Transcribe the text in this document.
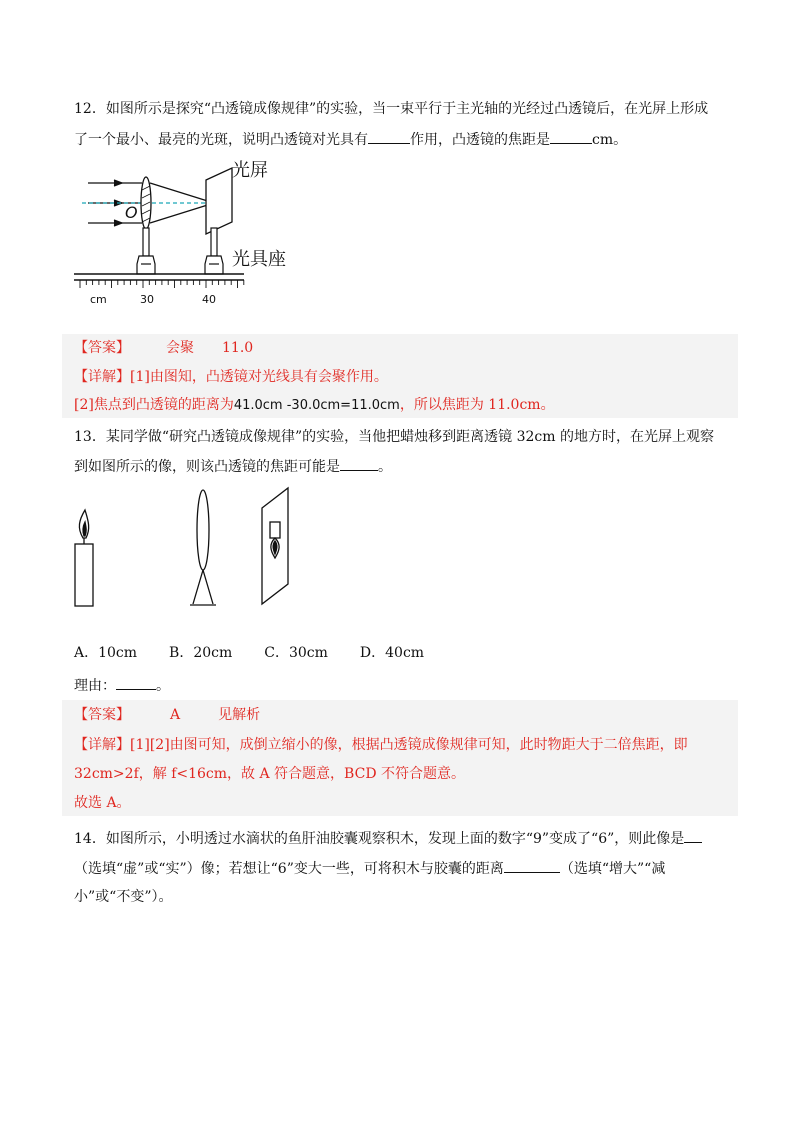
12．如图所示是探究“凸透镜成像规律”的实验，当一束平行于主光轴的光经过凸透镜后，在光屏上形成
了一个最小、最亮的光斑，说明凸透镜对光具有	作用，凸透镜的焦距是	cm。
O
光屏
光具座
cm	30	40
【答案】	会聚 11.0
【详解】[1]由图知，凸透镜对光线具有会聚作用。
[2]焦点到凸透镜的距离为41.0cm -30.0cm=11.0cm，所以焦距为 11.0cm。
13．某同学做“研究凸透镜成像规律”的实验，当他把蜡烛移到距离透镜 32cm 的地方时，在光屏上观察
到如图所示的像，则该凸透镜的焦距可能是	。
A．10cm B．20cm C．30cm D．40cm
理由：	。
【答案】	A	见解析
【详解】[1][2]由图可知，成倒立缩小的像，根据凸透镜成像规律可知，此时物距大于二倍焦距，即
32cm>2f，解 f<16cm，故 A 符合题意，BCD 不符合题意。
故选 A。
14．如图所示，小明透过水滴状的鱼肝油胶囊观察积木，发现上面的数字“9”变成了“6”，则此像是
（选填“虚”或“实”）像；若想让“6”变大一些，可将积木与胶囊的距离	（选填“增大”“减
小”或“不变”）。
